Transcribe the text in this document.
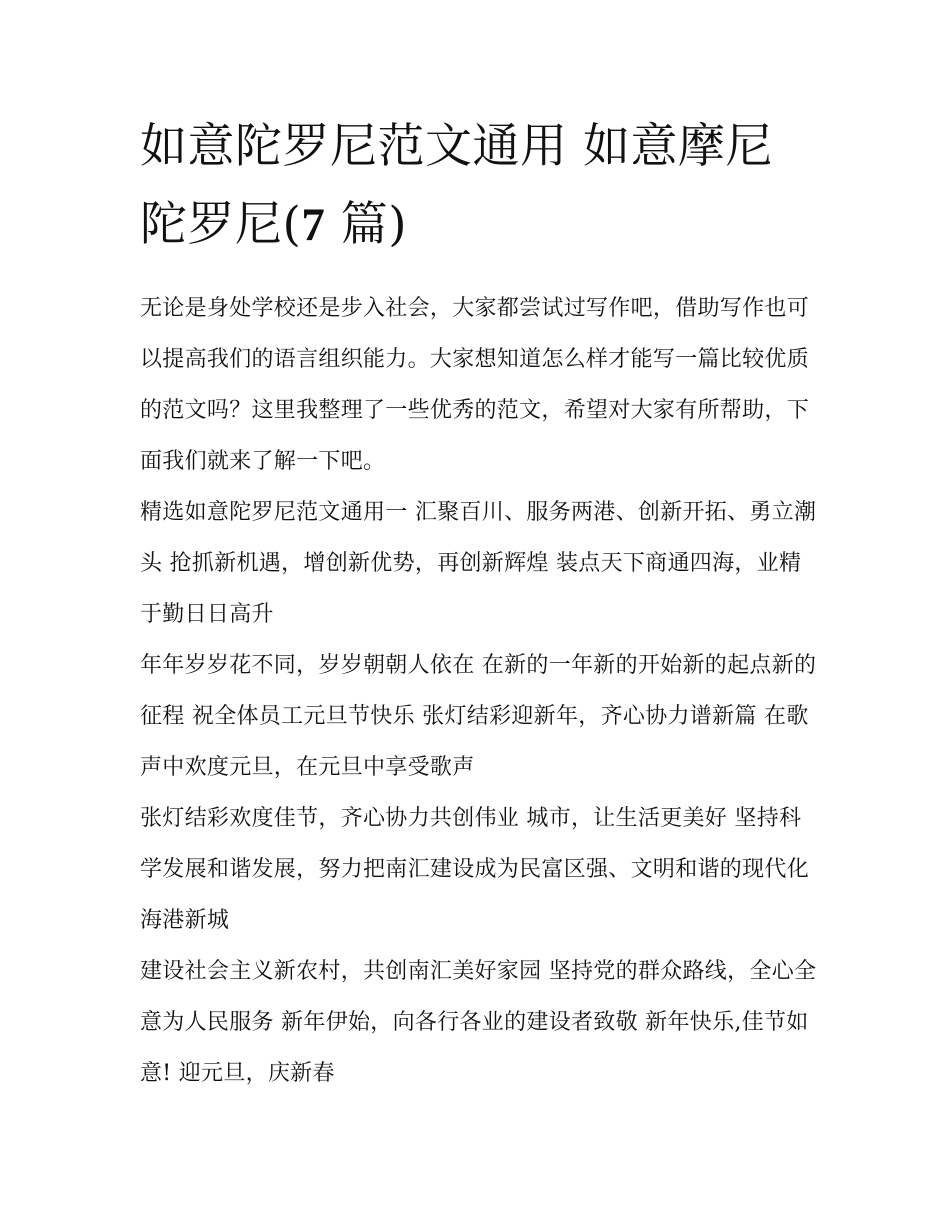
如意陀罗尼范文通用 如意摩尼陀罗尼(7 篇)

无论是身处学校还是步入社会，大家都尝试过写作吧，借助写作也可以提高我们的语言组织能力。大家想知道怎么样才能写一篇比较优质的范文吗？这里我整理了一些优秀的范文，希望对大家有所帮助，下面我们就来了解一下吧。

精选如意陀罗尼范文通用一 汇聚百川、服务两港、创新开拓、勇立潮头 抢抓新机遇，增创新优势，再创新辉煌 装点天下商通四海，业精于勤日日高升

年年岁岁花不同，岁岁朝朝人依在 在新的一年新的开始新的起点新的征程 祝全体员工元旦节快乐 张灯结彩迎新年，齐心协力谱新篇 在歌声中欢度元旦，在元旦中享受歌声

张灯结彩欢度佳节，齐心协力共创伟业 城市，让生活更美好 坚持科学发展和谐发展，努力把南汇建设成为民富区强、文明和谐的现代化海港新城

建设社会主义新农村，共创南汇美好家园 坚持党的群众路线，全心全意为人民服务 新年伊始，向各行各业的建设者致敬 新年快乐,佳节如意! 迎元旦，庆新春
